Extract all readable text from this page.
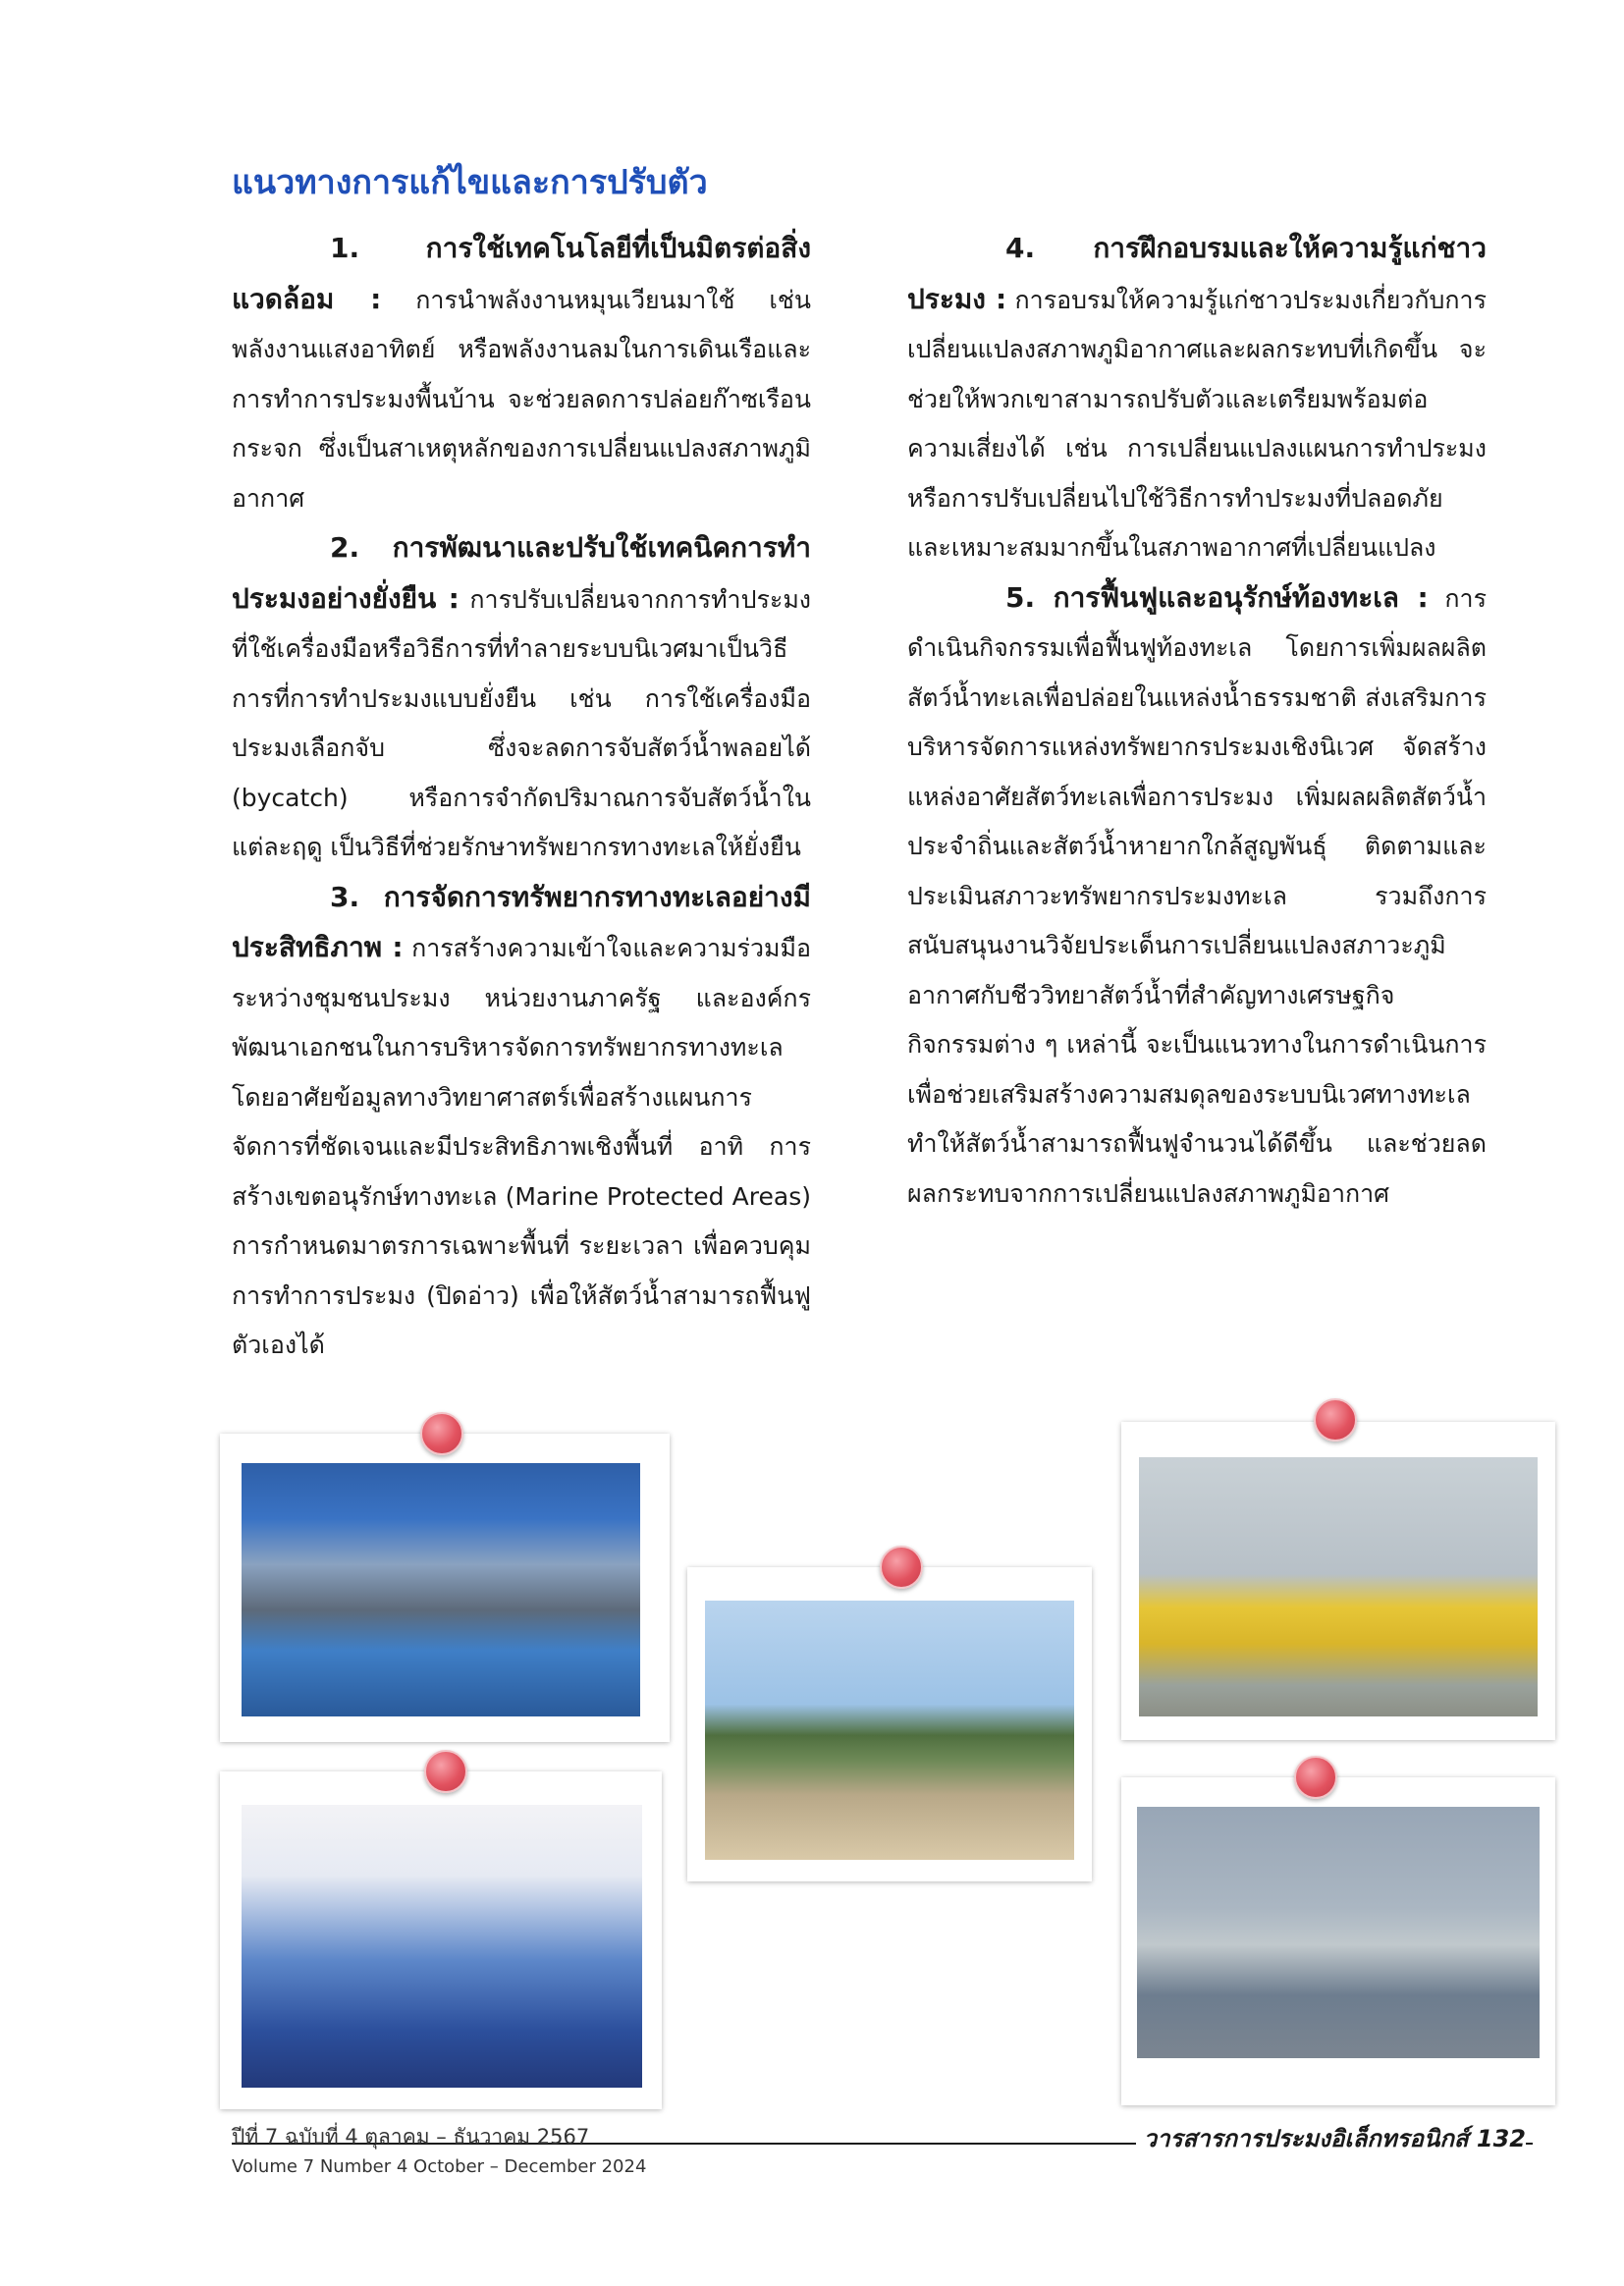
แนวทางการแก้ไขและการปรับตัว

1. การใช้เทคโนโลยีที่เป็นมิตรต่อสิ่งแวดล้อม : การนำพลังงานหมุนเวียนมาใช้ เช่น พลังงานแสงอาทิตย์ หรือพลังงานลมในการเดินเรือและการทำการประมงพื้นบ้าน จะช่วยลดการปล่อยก๊าซเรือนกระจก ซึ่งเป็นสาเหตุหลักของการเปลี่ยนแปลงสภาพภูมิอากาศ

2. การพัฒนาและปรับใช้เทคนิคการทำประมงอย่างยั่งยืน : การปรับเปลี่ยนจากการทำประมงที่ใช้เครื่องมือหรือวิธีการที่ทำลายระบบนิเวศมาเป็นวิธีการที่การทำประมงแบบยั่งยืน เช่น การใช้เครื่องมือประมงเลือกจับ ซึ่งจะลดการจับสัตว์น้ำพลอยได้ (bycatch) หรือการจำกัดปริมาณการจับสัตว์น้ำในแต่ละฤดู เป็นวิธีที่ช่วยรักษาทรัพยากรทางทะเลให้ยั่งยืน

3. การจัดการทรัพยากรทางทะเลอย่างมีประสิทธิภาพ : การสร้างความเข้าใจและความร่วมมือระหว่างชุมชนประมง หน่วยงานภาครัฐ และองค์กรพัฒนาเอกชนในการบริหารจัดการทรัพยากรทางทะเล โดยอาศัยข้อมูลทางวิทยาศาสตร์เพื่อสร้างแผนการจัดการที่ชัดเจนและมีประสิทธิภาพเชิงพื้นที่ อาทิ การสร้างเขตอนุรักษ์ทางทะเล (Marine Protected Areas) การกำหนดมาตรการเฉพาะพื้นที่ ระยะเวลา เพื่อควบคุมการทำการประมง (ปิดอ่าว) เพื่อให้สัตว์น้ำสามารถฟื้นฟูตัวเองได้

4. การฝึกอบรมและให้ความรู้แก่ชาวประมง : การอบรมให้ความรู้แก่ชาวประมงเกี่ยวกับการเปลี่ยนแปลงสภาพภูมิอากาศและผลกระทบที่เกิดขึ้น จะช่วยให้พวกเขาสามารถปรับตัวและเตรียมพร้อมต่อความเสี่ยงได้ เช่น การเปลี่ยนแปลงแผนการทำประมง หรือการปรับเปลี่ยนไปใช้วิธีการทำประมงที่ปลอดภัยและเหมาะสมมากขึ้นในสภาพอากาศที่เปลี่ยนแปลง

5. การฟื้นฟูและอนุรักษ์ท้องทะเล : การดำเนินกิจกรรมเพื่อฟื้นฟูท้องทะเล โดยการเพิ่มผลผลิตสัตว์น้ำทะเลเพื่อปล่อยในแหล่งน้ำธรรมชาติ ส่งเสริมการบริหารจัดการแหล่งทรัพยากรประมงเชิงนิเวศ จัดสร้างแหล่งอาศัยสัตว์ทะเลเพื่อการประมง เพิ่มผลผลิตสัตว์น้ำประจำถิ่นและสัตว์น้ำหายากใกล้สูญพันธุ์ ติดตามและประเมินสภาวะทรัพยากรประมงทะเล รวมถึงการสนับสนุนงานวิจัยประเด็นการเปลี่ยนแปลงสภาวะภูมิอากาศกับชีววิทยาสัตว์น้ำที่สำคัญทางเศรษฐกิจ กิจกรรมต่าง ๆ เหล่านี้ จะเป็นแนวทางในการดำเนินการเพื่อช่วยเสริมสร้างความสมดุลของระบบนิเวศทางทะเล ทำให้สัตว์น้ำสามารถฟื้นฟูจำนวนได้ดีขึ้น และช่วยลดผลกระทบจากการเปลี่ยนแปลงสภาพภูมิอากาศ

ปีที่ 7 ฉบับที่ 4 ตุลาคม – ธันวาคม 2567
Volume 7 Number 4 October – December 2024
วารสารการประมงอิเล็กทรอนิกส์ 132
